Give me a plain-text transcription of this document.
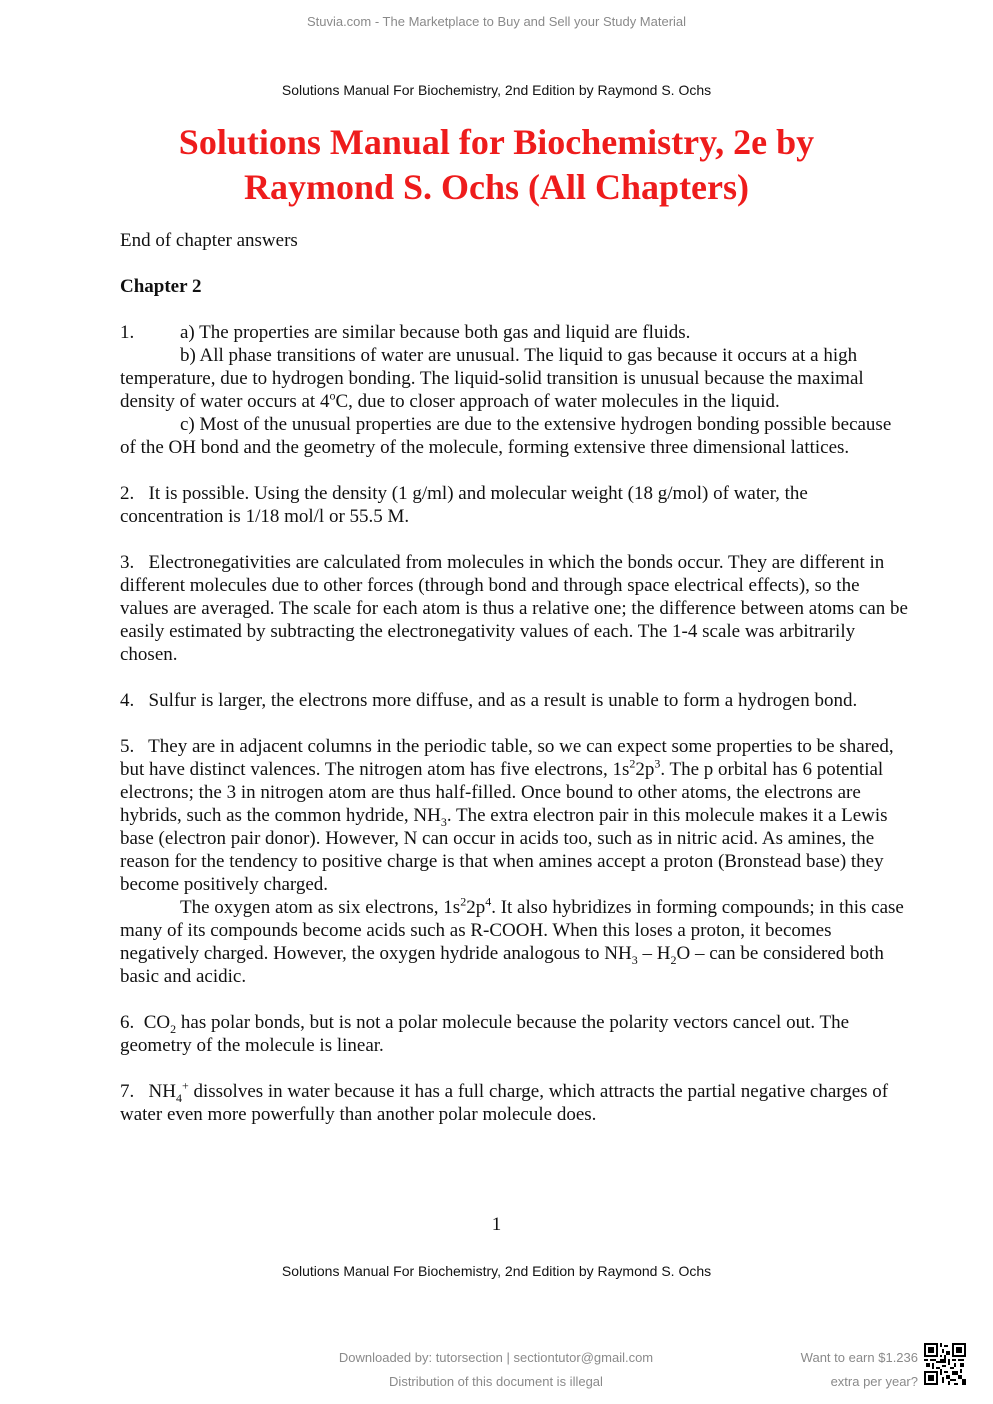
Stuvia.com - The Marketplace to Buy and Sell your Study Material
Solutions Manual For Biochemistry, 2nd Edition by Raymond S. Ochs
Solutions Manual for Biochemistry, 2e by
Raymond S. Ochs (All Chapters)

End of chapter answers

Chapter 2

1. a) The properties are similar because both gas and liquid are fluids.
b) All phase transitions of water are unusual. The liquid to gas because it occurs at a high temperature, due to hydrogen bonding. The liquid-solid transition is unusual because the maximal density of water occurs at 4$^o$C, due to closer approach of water molecules in the liquid.
c) Most of the unusual properties are due to the extensive hydrogen bonding possible because of the OH bond and the geometry of the molecule, forming extensive three dimensional lattices.

2. It is possible. Using the density (1 g/ml) and molecular weight (18 g/mol) of water, the concentration is 1/18 mol/l or 55.5 M.

3. Electronegativities are calculated from molecules in which the bonds occur. They are different in different molecules due to other forces (through bond and through space electrical effects), so the values are averaged. The scale for each atom is thus a relative one; the difference between atoms can be easily estimated by subtracting the electronegativity values of each. The 1-4 scale was arbitrarily chosen.

4. Sulfur is larger, the electrons more diffuse, and as a result is unable to form a hydrogen bond.

5. They are in adjacent columns in the periodic table, so we can expect some properties to be shared, but have distinct valences. The nitrogen atom has five electrons, $1s^22p^3$. The p orbital has 6 potential electrons; the 3 in nitrogen atom are thus half-filled. Once bound to other atoms, the electrons are hybrids, such as the common hydride, $NH_3$. The extra electron pair in this molecule makes it a Lewis base (electron pair donor). However, N can occur in acids too, such as in nitric acid. As amines, the reason for the tendency to positive charge is that when amines accept a proton (Bronstead base) they become positively charged.
The oxygen atom as six electrons, $1s^22p^4$. It also hybridizes in forming compounds; in this case many of its compounds become acids such as R-COOH. When this loses a proton, it becomes negatively charged. However, the oxygen hydride analogous to $NH_3 - H_2O$ – can be considered both basic and acidic.

6. $CO_2$ has polar bonds, but is not a polar molecule because the polarity vectors cancel out. The geometry of the molecule is linear.

7. $NH_4^+$ dissolves in water because it has a full charge, which attracts the partial negative charges of water even more powerfully than another polar molecule does.

1
Solutions Manual For Biochemistry, 2nd Edition by Raymond S. Ochs
Downloaded by: tutorsection | sectiontutor@gmail.com
Distribution of this document is illegal
Want to earn $1.236
extra per year?
